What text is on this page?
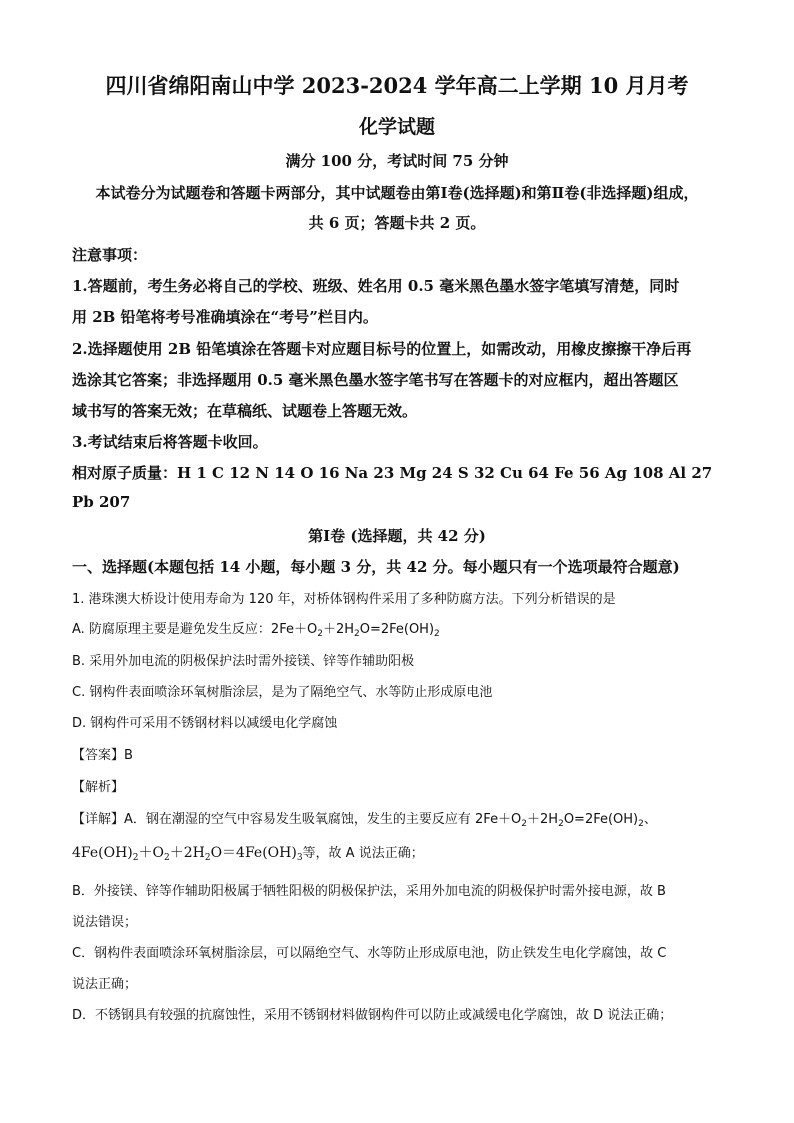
四川省绵阳南山中学 2023-2024 学年高二上学期 10 月月考
化学试题
满分 100 分，考试时间 75 分钟
本试卷分为试题卷和答题卡两部分，其中试题卷由第Ⅰ卷(选择题)和第Ⅱ卷(非选择题)组成，
共 6 页；答题卡共 2 页。
注意事项：
1.答题前，考生务必将自己的学校、班级、姓名用 0.5 毫米黑色墨水签字笔填写清楚，同时
用 2B 铅笔将考号准确填涂在“考号”栏目内。
2.选择题使用 2B 铅笔填涂在答题卡对应题目标号的位置上，如需改动，用橡皮擦擦干净后再
选涂其它答案；非选择题用 0.5 毫米黑色墨水签字笔书写在答题卡的对应框内，超出答题区
域书写的答案无效；在草稿纸、试题卷上答题无效。
3.考试结束后将答题卡收回。
相对原子质量：H 1 C 12 N 14 O 16 Na 23 Mg 24 S 32 Cu 64 Fe 56 Ag 108 Al 27
Pb 207
第Ⅰ卷 (选择题，共 42 分)
一、选择题(本题包括 14 小题，每小题 3 分，共 42 分。每小题只有一个选项最符合题意)
1. 港珠澳大桥设计使用寿命为 120 年，对桥体钢构件采用了多种防腐方法。下列分析错误的是
A. 防腐原理主要是避免发生反应：$2Fe+O_2+2H_2O=2Fe(OH)_2$
B. 采用外加电流的阴极保护法时需外接镁、锌等作辅助阳极
C. 钢构件表面喷涂环氧树脂涂层，是为了隔绝空气、水等防止形成原电池
D. 钢构件可采用不锈钢材料以减缓电化学腐蚀
【答案】B
【解析】
【详解】A．钢在潮湿的空气中容易发生吸氧腐蚀，发生的主要反应有 $2Fe+O_2+2H_2O=2Fe(OH)_2$、
$4Fe(OH)_2+O_2+2H_2O=4Fe(OH)_3$等，故 A 说法正确；
B．外接镁、锌等作辅助阳极属于牺牲阳极的阴极保护法，采用外加电流的阴极保护时需外接电源，故 B
说法错误；
C．钢构件表面喷涂环氧树脂涂层，可以隔绝空气、水等防止形成原电池，防止铁发生电化学腐蚀，故 C
说法正确；
D．不锈钢具有较强的抗腐蚀性，采用不锈钢材料做钢构件可以防止或减缓电化学腐蚀，故 D 说法正确；
